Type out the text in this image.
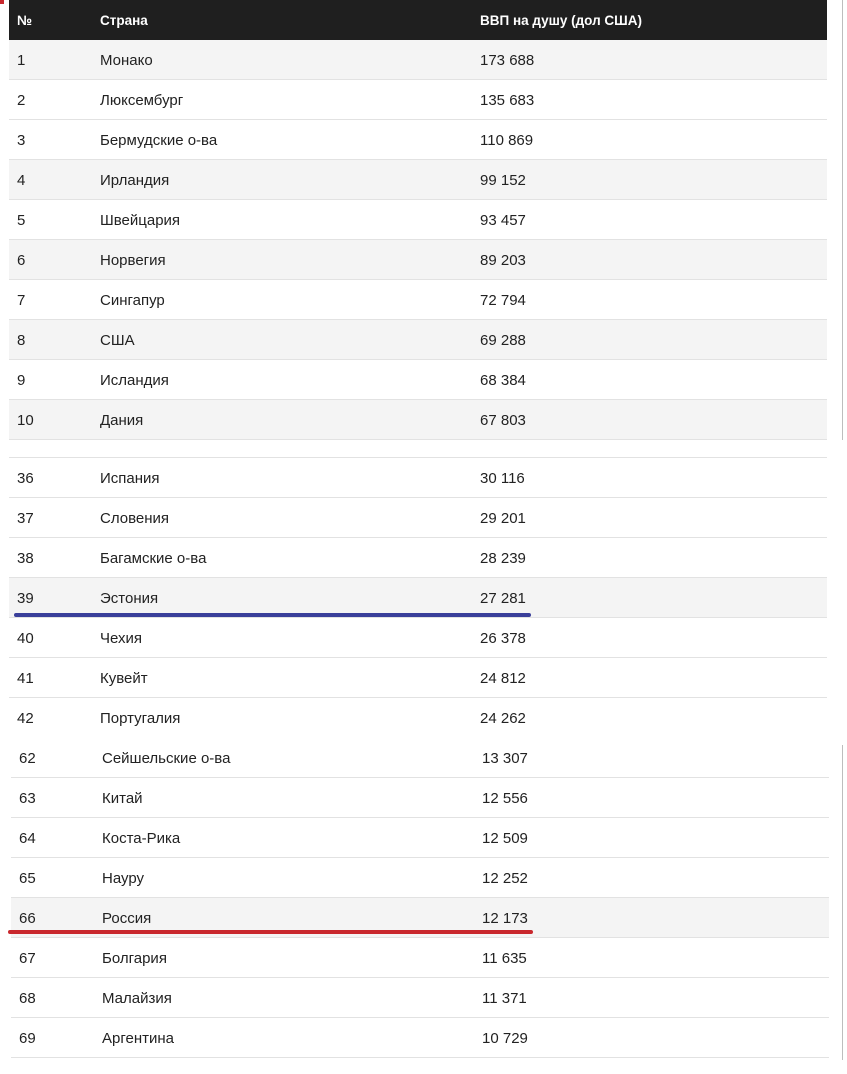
№	Страна	ВВП на душу (дол США)
1	Монако	173 688
2	Люксембург	135 683
3	Бермудские о-ва	110 869
4	Ирландия	99 152
5	Швейцария	93 457
6	Норвегия	89 203
7	Сингапур	72 794
8	США	69 288
9	Исландия	68 384
10	Дания	67 803
36	Испания	30 116
37	Словения	29 201
38	Багамские о-ва	28 239
39	Эстония	27 281
40	Чехия	26 378
41	Кувейт	24 812
42	Португалия	24 262
62	Сейшельские о-ва	13 307
63	Китай	12 556
64	Коста-Рика	12 509
65	Науру	12 252
66	Россия	12 173
67	Болгария	11 635
68	Малайзия	11 371
69	Аргентина	10 729
